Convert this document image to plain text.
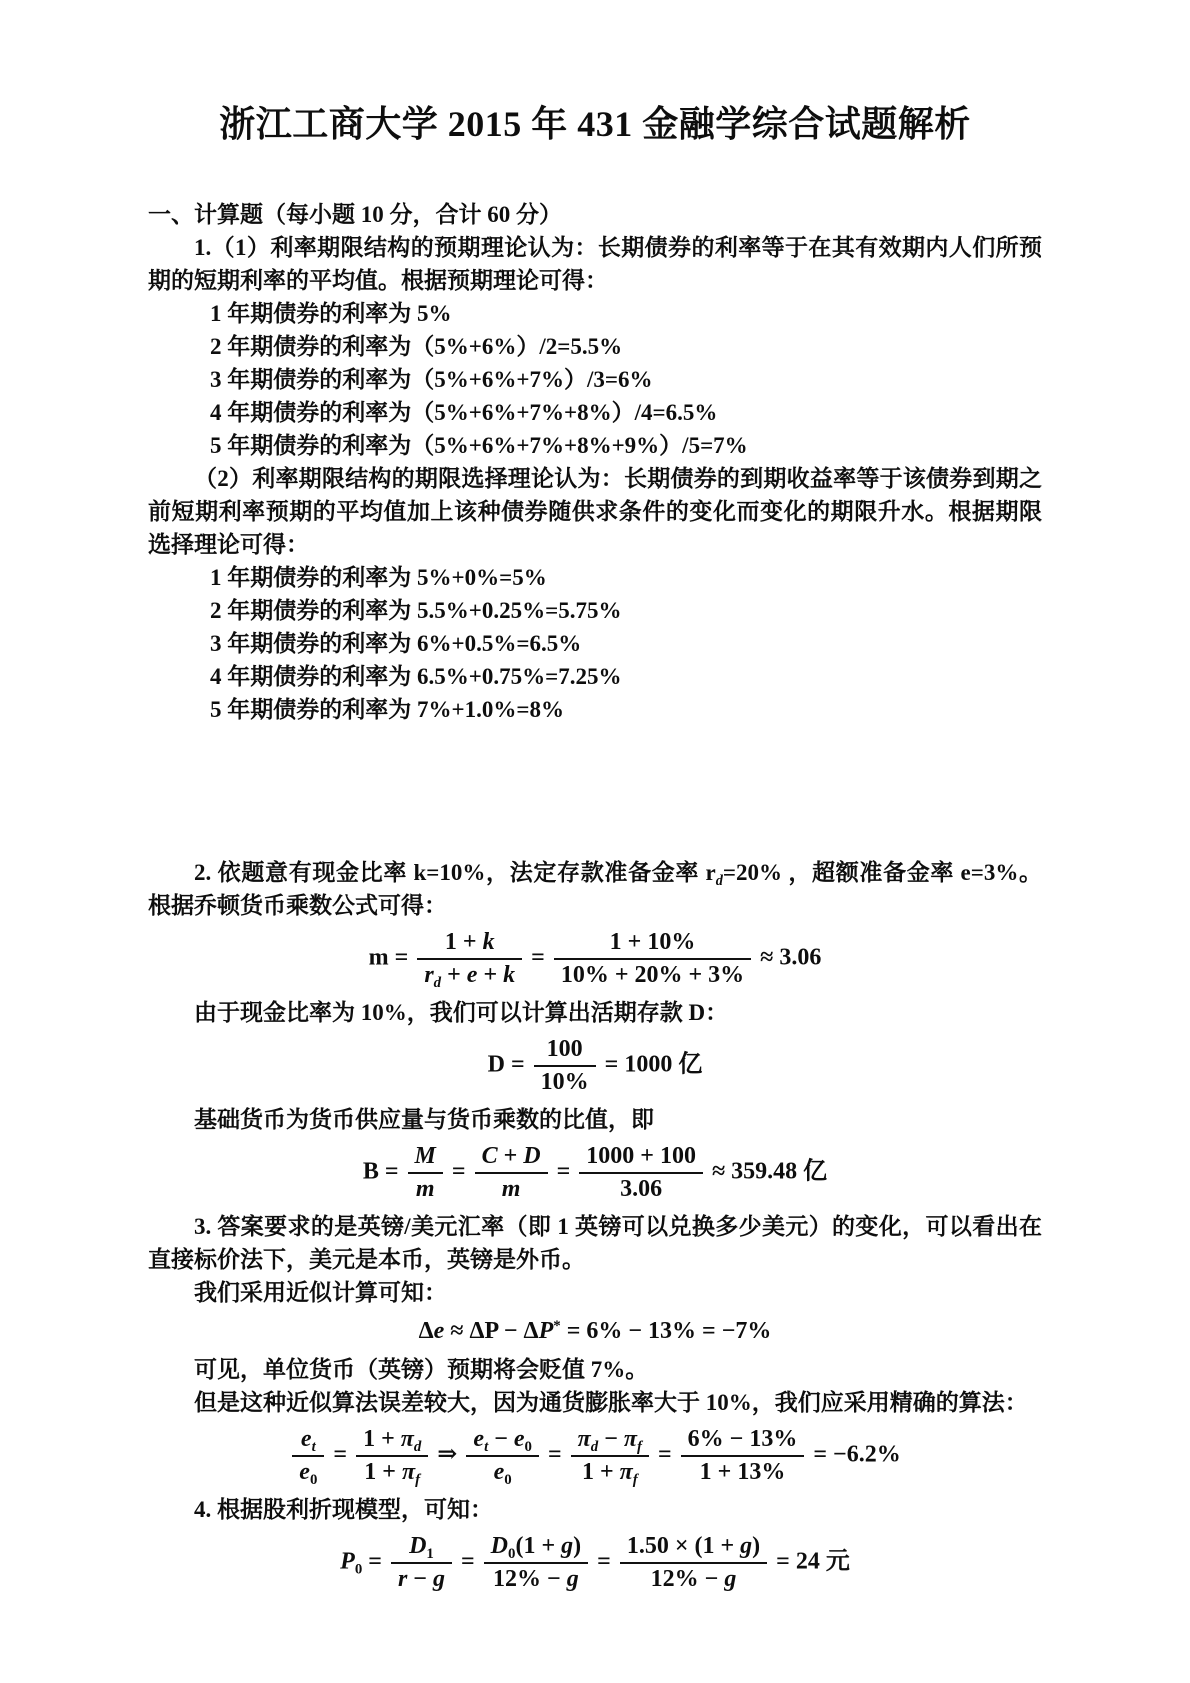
浙江工商大学 2015 年 431 金融学综合试题解析
一、计算题（每小题 10 分，合计 60 分）
1.（1）利率期限结构的预期理论认为：长期债券的利率等于在其有效期内人们所预期的短期利率的平均值。根据预期理论可得：
1 年期债券的利率为 5%
2 年期债券的利率为（5%+6%）/2=5.5%
3 年期债券的利率为（5%+6%+7%）/3=6%
4 年期债券的利率为（5%+6%+7%+8%）/4=6.5%
5 年期债券的利率为（5%+6%+7%+8%+9%）/5=7%
（2）利率期限结构的期限选择理论认为：长期债券的到期收益率等于该债券到期之前短期利率预期的平均值加上该种债券随供求条件的变化而变化的期限升水。根据期限选择理论可得：
1 年期债券的利率为 5%+0%=5%
2 年期债券的利率为 5.5%+0.25%=5.75%
3 年期债券的利率为 6%+0.5%=6.5%
4 年期债券的利率为 6.5%+0.75%=7.25%
5 年期债券的利率为 7%+1.0%=8%
2. 依题意有现金比率 k=10%，法定存款准备金率 $r_d=20\%$ ，超额准备金率 e=3%。根据乔顿货币乘数公式可得：
$m = \frac{1 + k}{r_d + e + k} = \frac{1 + 10\%}{10\% + 20\% + 3\%} \approx 3.06$
由于现金比率为 10%，我们可以计算出活期存款 D：
$D = \frac{100}{10\%} = 1000$ 亿
基础货币为货币供应量与货币乘数的比值，即
$B = \frac{M}{m} = \frac{C + D}{m} = \frac{1000 + 100}{3.06} \approx 359.48$ 亿
3. 答案要求的是英镑/美元汇率（即 1 英镑可以兑换多少美元）的变化，可以看出在直接标价法下，美元是本币，英镑是外币。
我们采用近似计算可知：
Δe ≈ ΔP − ΔP* = 6% − 13% = −7%
可见，单位货币（英镑）预期将会贬值 7%。
但是这种近似算法误差较大，因为通货膨胀率大于 10%，我们应采用精确的算法：
$\frac{e_t}{e_0} = \frac{1 + \pi_d}{1 + \pi_f}$ ⇒ $\frac{e_t - e_0}{e_0} = \frac{\pi_d - \pi_f}{1 + \pi_f} = \frac{6\% - 13\%}{1 + 13\%} = -6.2\%$
4. 根据股利折现模型，可知：
$P_0 = \frac{D_1}{r - g} = \frac{D_0(1 + g)}{12\% - g} = \frac{1.50 \times (1 + g)}{12\% - g} = 24$ 元
